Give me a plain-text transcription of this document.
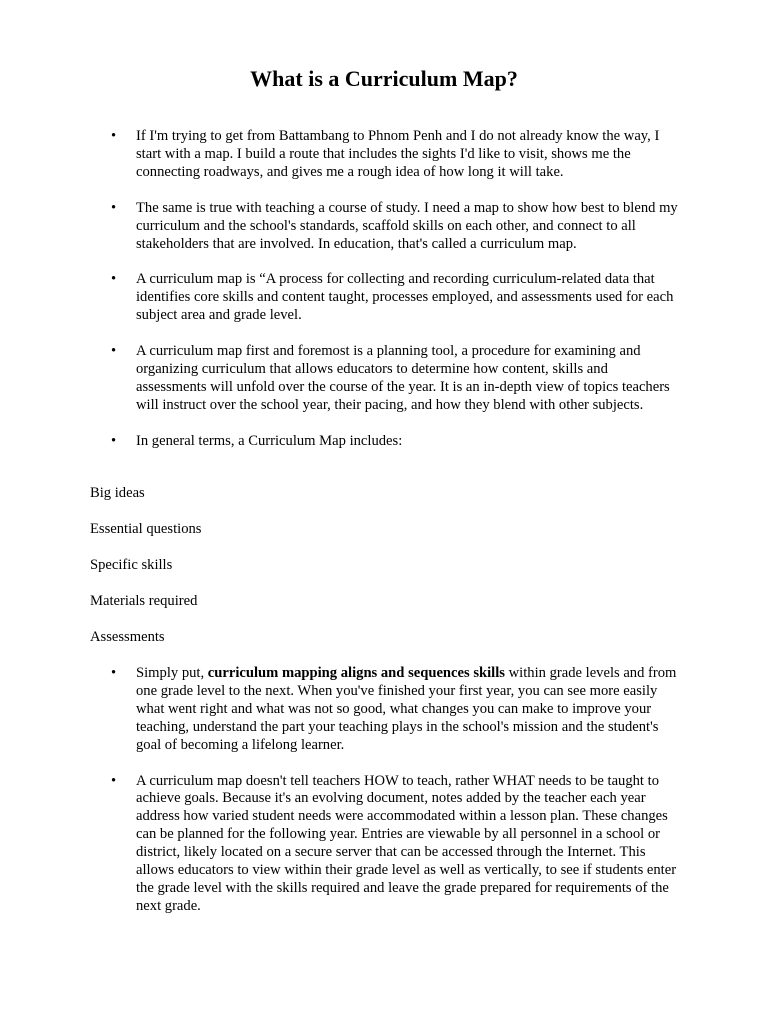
What is a Curriculum Map?
•	If I'm trying to get from Battambang to Phnom Penh and I do not already know the way, I start with a map. I build a route that includes the sights I'd like to visit, shows me the connecting roadways, and gives me a rough idea of how long it will take.
•	The same is true with teaching a course of study. I need a map to show how best to blend my curriculum and the school's standards, scaffold skills on each other, and connect to all stakeholders that are involved. In education, that's called a curriculum map.
•	A curriculum map is “A process for collecting and recording curriculum-related data that identifies core skills and content taught, processes employed, and assessments used for each subject area and grade level.
•	A curriculum map first and foremost is a planning tool, a procedure for examining and organizing curriculum that allows educators to determine how content, skills and assessments will unfold over the course of the year. It is an in-depth view of topics teachers will instruct over the school year, their pacing, and how they blend with other subjects.
•	In general terms, a Curriculum Map includes:
Big ideas
Essential questions
Specific skills
Materials required
Assessments
•	Simply put, curriculum mapping aligns and sequences skills within grade levels and from one grade level to the next. When you've finished your first year, you can see more easily what went right and what was not so good, what changes you can make to improve your teaching, understand the part your teaching plays in the school's mission and the student's goal of becoming a lifelong learner.
•	A curriculum map doesn't tell teachers HOW to teach, rather WHAT needs to be taught to achieve goals. Because it's an evolving document, notes added by the teacher each year address how varied student needs were accommodated within a lesson plan. These changes can be planned for the following year. Entries are viewable by all personnel in a school or district, likely located on a secure server that can be accessed through the Internet. This allows educators to view within their grade level as well as vertically, to see if students enter the grade level with the skills required and leave the grade prepared for requirements of the next grade.
